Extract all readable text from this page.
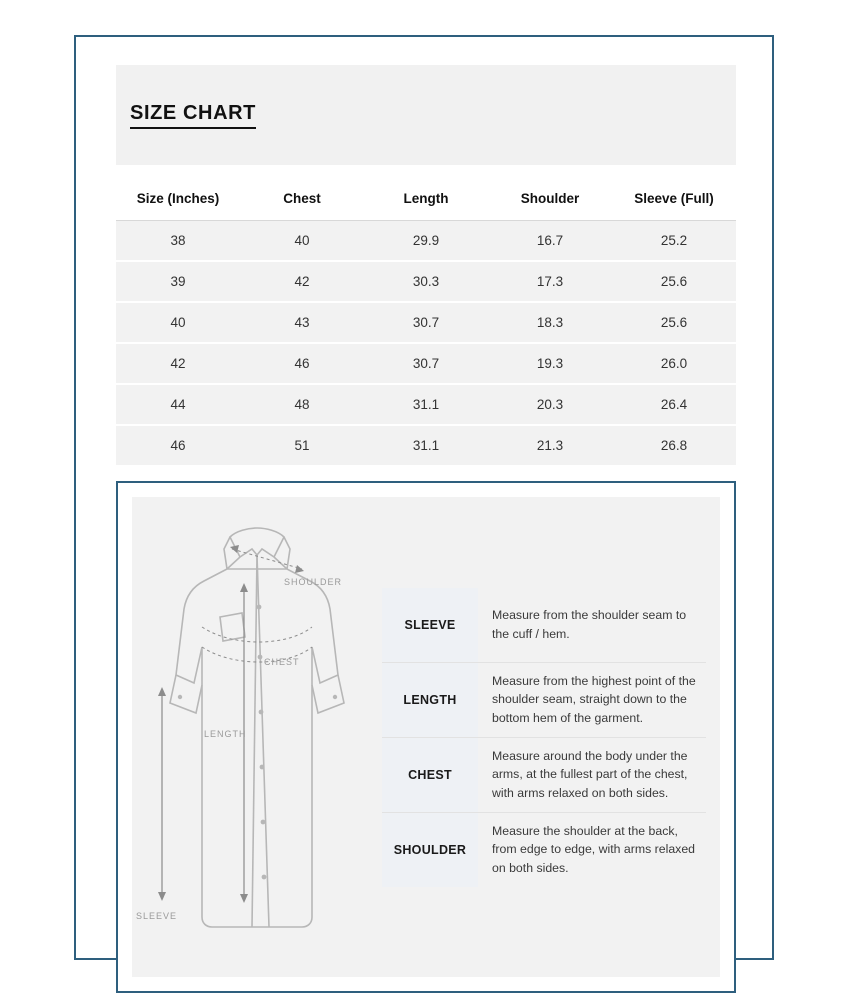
SIZE CHART
Size (Inches)	Chest	Length	Shoulder	Sleeve (Full)
38	40	29.9	16.7	25.2
39	42	30.3	17.3	25.6
40	43	30.7	18.3	25.6
42	46	30.7	19.3	26.0
44	48	31.1	20.3	26.4
46	51	31.1	21.3	26.8
SHOULDER
CHEST
LENGTH
SLEEVE
SLEEVE
Measure from the shoulder seam to the cuff / hem.
LENGTH
Measure from the highest point of the shoulder seam, straight down to the bottom hem of the garment.
CHEST
Measure around the body under the arms, at the fullest part of the chest, with arms relaxed on both sides.
SHOULDER
Measure the shoulder at the back, from edge to edge, with arms relaxed on both sides.
